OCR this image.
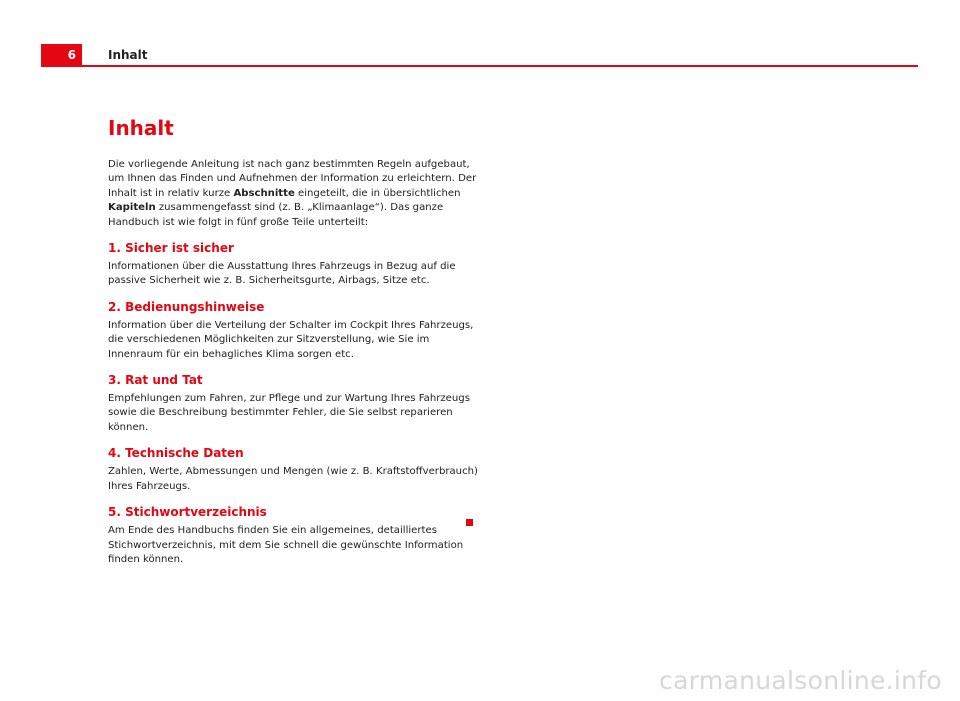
6	Inhalt
Inhalt

Die vorliegende Anleitung ist nach ganz bestimmten Regeln aufgebaut, um Ihnen das Finden und Aufnehmen der Information zu erleichtern. Der Inhalt ist in relativ kurze Abschnitte eingeteilt, die in übersichtlichen Kapiteln zusammengefasst sind (z. B. „Klimaanlage“). Das ganze Handbuch ist wie folgt in fünf große Teile unterteilt:

1. Sicher ist sicher

Informationen über die Ausstattung Ihres Fahrzeugs in Bezug auf die passive Sicherheit wie z. B. Sicherheitsgurte, Airbags, Sitze etc.

2. Bedienungshinweise

Information über die Verteilung der Schalter im Cockpit Ihres Fahrzeugs, die verschiedenen Möglichkeiten zur Sitzverstellung, wie Sie im Innenraum für ein behagliches Klima sorgen etc.

3. Rat und Tat

Empfehlungen zum Fahren, zur Pflege und zur Wartung Ihres Fahrzeugs sowie die Beschreibung bestimmter Fehler, die Sie selbst reparieren können.

4. Technische Daten

Zahlen, Werte, Abmessungen und Mengen (wie z. B. Kraftstoffverbrauch) Ihres Fahrzeugs.

5. Stichwortverzeichnis

Am Ende des Handbuchs finden Sie ein allgemeines, detailliertes Stichwortverzeichnis, mit dem Sie schnell die gewünschte Information finden können.

carmanualsonline.info
